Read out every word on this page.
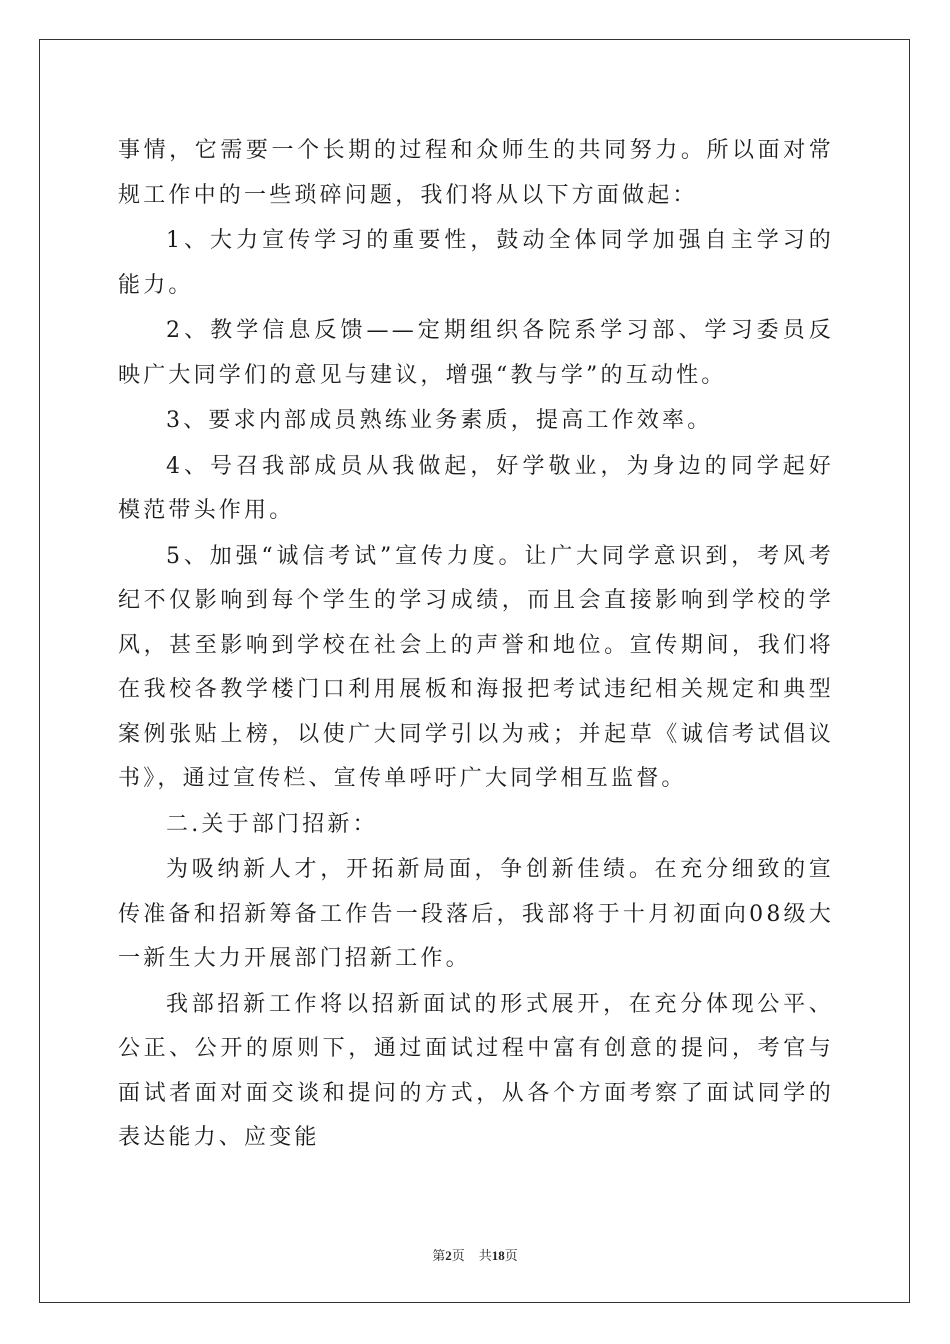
事情，它需要一个长期的过程和众师生的共同努力。所以面对常规工作中的一些琐碎问题，我们将从以下方面做起：

1、大力宣传学习的重要性，鼓动全体同学加强自主学习的能力。

2、教学信息反馈——定期组织各院系学习部、学习委员反映广大同学们的意见与建议，增强“教与学”的互动性。

3、要求内部成员熟练业务素质，提高工作效率。

4、号召我部成员从我做起，好学敬业，为身边的同学起好模范带头作用。

5、加强“诚信考试”宣传力度。让广大同学意识到，考风考纪不仅影响到每个学生的学习成绩，而且会直接影响到学校的学风，甚至影响到学校在社会上的声誉和地位。宣传期间，我们将在我校各教学楼门口利用展板和海报把考试违纪相关规定和典型案例张贴上榜，以使广大同学引以为戒；并起草《诚信考试倡议书》，通过宣传栏、宣传单呼吁广大同学相互监督。

二.关于部门招新：

为吸纳新人才，开拓新局面，争创新佳绩。在充分细致的宣传准备和招新筹备工作告一段落后，我部将于十月初面向08级大一新生大力开展部门招新工作。

我部招新工作将以招新面试的形式展开，在充分体现公平、公正、公开的原则下，通过面试过程中富有创意的提问，考官与面试者面对面交谈和提问的方式，从各个方面考察了面试同学的表达能力、应变能

第2页 共18页
